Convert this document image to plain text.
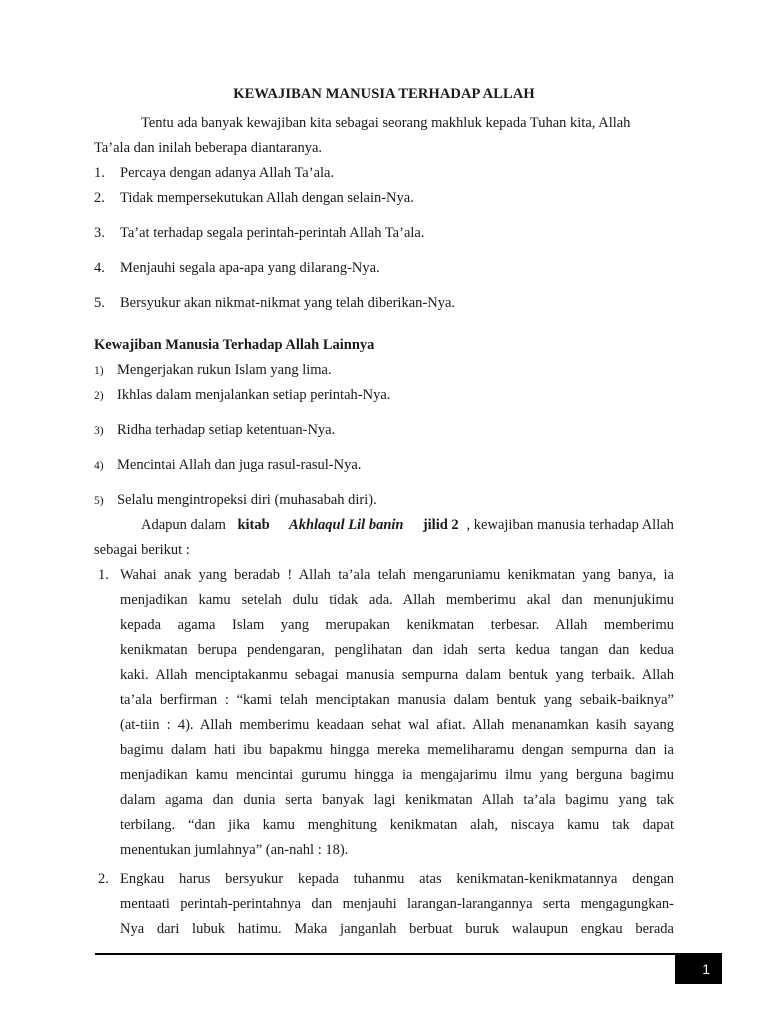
KEWAJIBAN MANUSIA TERHADAP ALLAH
Tentu ada banyak kewajiban kita sebagai seorang makhluk kepada Tuhan kita, Allah
Ta’ala dan inilah beberapa diantaranya.
1. Percaya dengan adanya Allah Ta’ala.
2. Tidak mempersekutukan Allah dengan selain-Nya.
3. Ta’at terhadap segala perintah-perintah Allah Ta’ala.
4. Menjauhi segala apa-apa yang dilarang-Nya.
5. Bersyukur akan nikmat-nikmat yang telah diberikan-Nya.
Kewajiban Manusia Terhadap Allah Lainnya
1) Mengerjakan rukun Islam yang lima.
2) Ikhlas dalam menjalankan setiap perintah-Nya.
3) Ridha terhadap setiap ketentuan-Nya.
4) Mencintai Allah dan juga rasul-rasul-Nya.
5) Selalu mengintropeksi diri (muhasabah diri).
Adapun dalam kitab
Akhlaqul Lil banin
jilid 2 , kewajiban manusia terhadap Allah
sebagai berikut :
1. Wahai anak yang beradab ! Allah ta’ala telah mengaruniamu kenikmatan yang banya, ia
menjadikan kamu setelah dulu tidak ada. Allah memberimu akal dan menunjukimu
kepada agama Islam yang merupakan kenikmatan terbesar. Allah memberimu
kenikmatan berupa pendengaran, penglihatan dan idah serta kedua tangan dan kedua
kaki. Allah menciptakanmu sebagai manusia sempurna dalam bentuk yang terbaik. Allah
ta’ala berfirman : “kami telah menciptakan manusia dalam bentuk yang sebaik-baiknya”
(at-tiin : 4). Allah memberimu keadaan sehat wal afiat. Allah menanamkan kasih sayang
bagimu dalam hati ibu bapakmu hingga mereka memeliharamu dengan sempurna dan ia
menjadikan kamu mencintai gurumu hingga ia mengajarimu ilmu yang berguna bagimu
dalam agama dan dunia serta banyak lagi kenikmatan Allah ta’ala bagimu yang tak
terbilang. “dan jika kamu menghitung kenikmatan alah, niscaya kamu tak dapat
menentukan jumlahnya” (an-nahl : 18).
2. Engkau harus bersyukur kepada tuhanmu atas kenikmatan-kenikmatannya dengan
mentaati perintah-perintahnya dan menjauhi larangan-larangannya serta mengagungkan-
Nya dari lubuk hatimu. Maka janganlah berbuat buruk walaupun engkau berada
1
